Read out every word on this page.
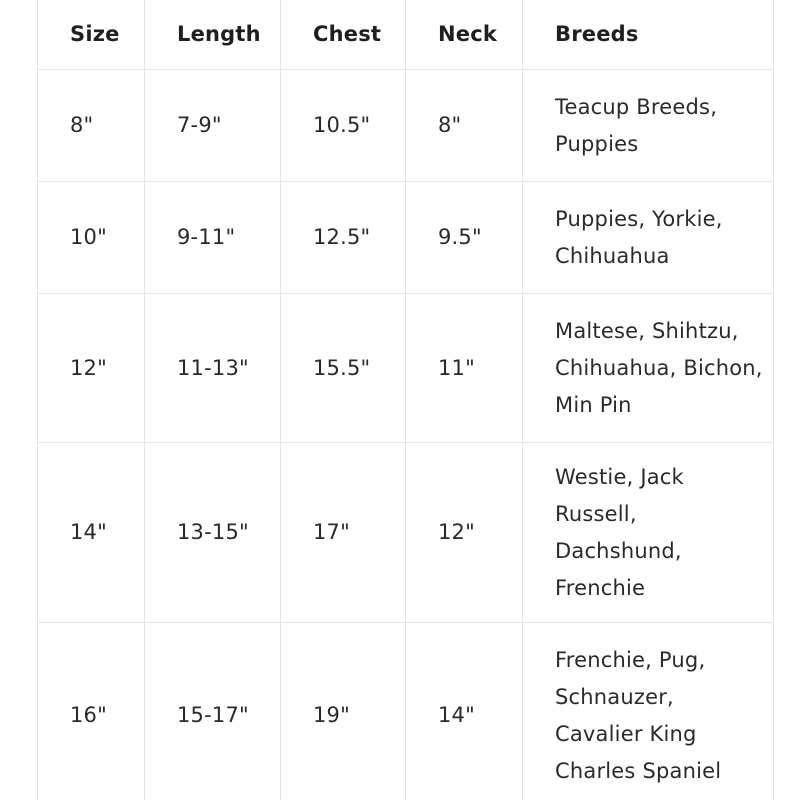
Size	Length	Chest	Neck	Breeds
8"	7-9"	10.5"	8"	Teacup Breeds, Puppies
10"	9-11"	12.5"	9.5"	Puppies, Yorkie, Chihuahua
12"	11-13"	15.5"	11"	Maltese, Shihtzu, Chihuahua, Bichon, Min Pin
14"	13-15"	17"	12"	Westie, Jack Russell, Dachshund, Frenchie
16"	15-17"	19"	14"	Frenchie, Pug, Schnauzer, Cavalier King Charles Spaniel
